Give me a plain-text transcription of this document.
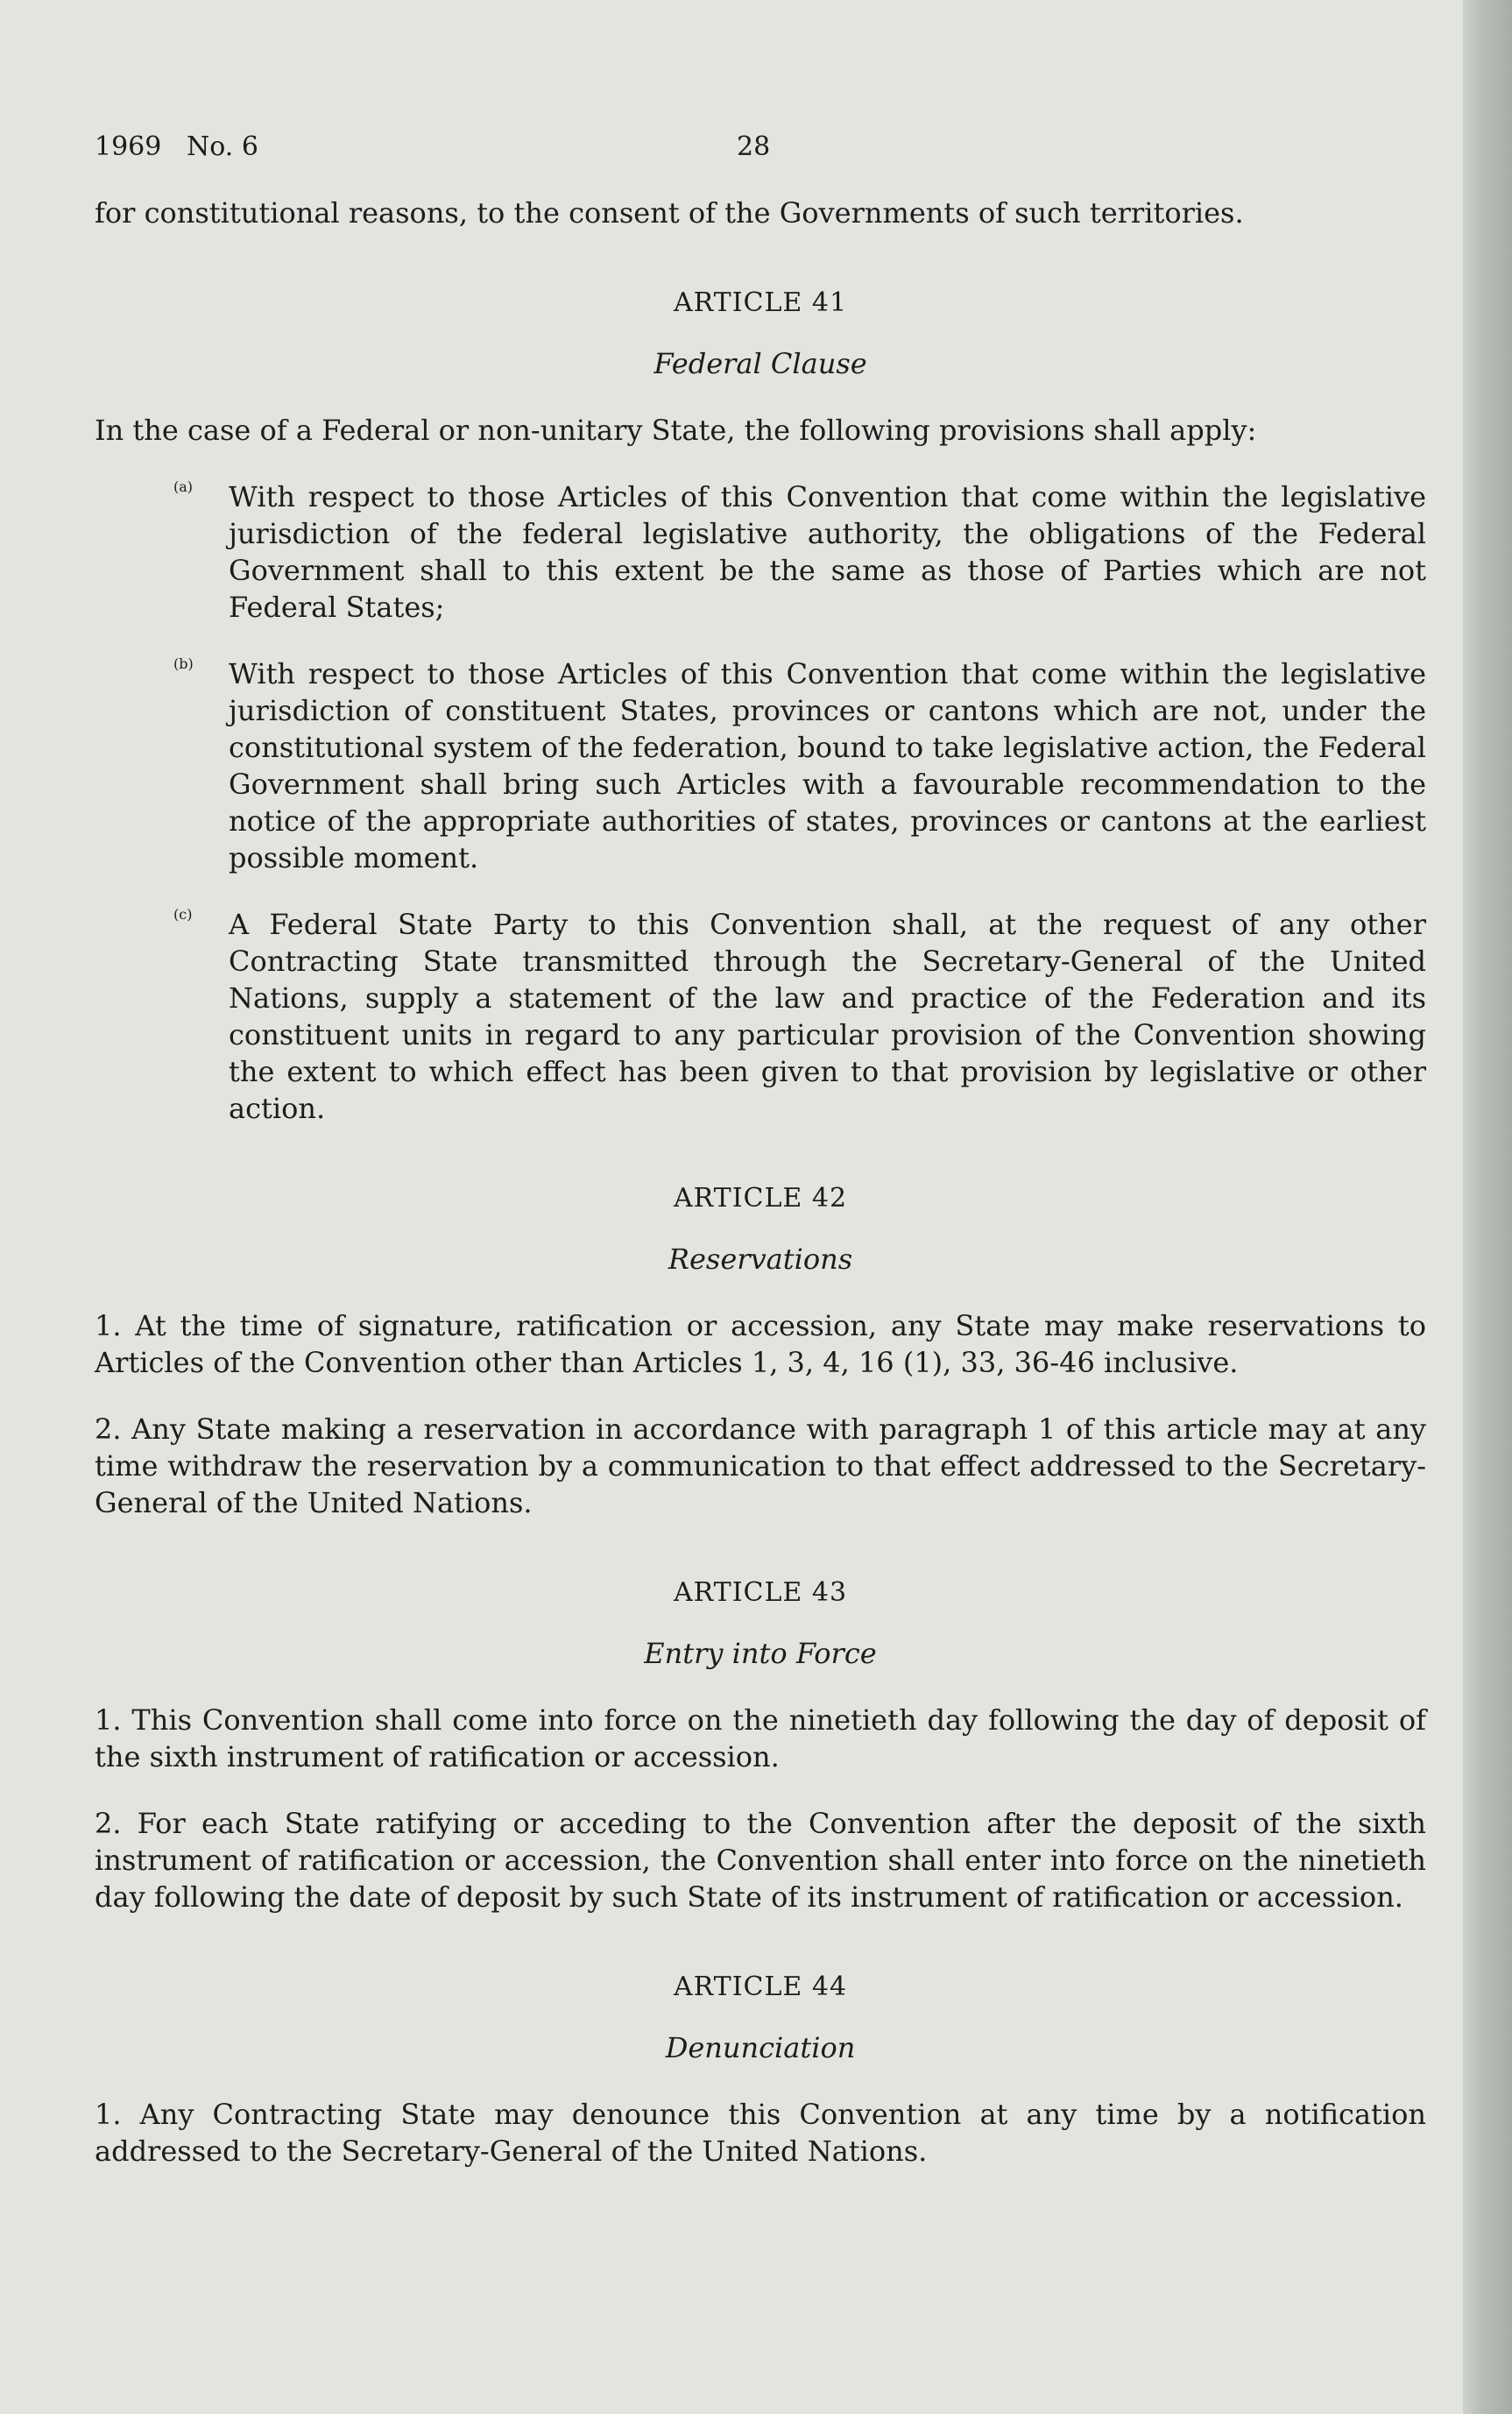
1969   No. 6	28

for constitutional reasons, to the consent of the Governments of such territories.

ARTICLE 41
Federal Clause

In the case of a Federal or non-unitary State, the following provisions shall apply:

(a) With respect to those Articles of this Convention that come within the legislative jurisdiction of the federal legislative authority, the obligations of the Federal Government shall to this extent be the same as those of Parties which are not Federal States;

(b) With respect to those Articles of this Convention that come within the legislative jurisdiction of constituent States, provinces or cantons which are not, under the constitutional system of the federation, bound to take legislative action, the Federal Government shall bring such Articles with a favourable recommendation to the notice of the appropriate authorities of states, provinces or cantons at the earliest possible moment.

(c) A Federal State Party to this Convention shall, at the request of any other Contracting State transmitted through the Secretary-General of the United Nations, supply a statement of the law and practice of the Federation and its constituent units in regard to any particular provision of the Convention showing the extent to which effect has been given to that provision by legislative or other action.

ARTICLE 42
Reservations

1. At the time of signature, ratification or accession, any State may make reservations to Articles of the Convention other than Articles 1, 3, 4, 16 (1), 33, 36-46 inclusive.

2. Any State making a reservation in accordance with paragraph 1 of this article may at any time withdraw the reservation by a communication to that effect addressed to the Secretary-General of the United Nations.

ARTICLE 43
Entry into Force

1. This Convention shall come into force on the ninetieth day following the day of deposit of the sixth instrument of ratification or accession.

2. For each State ratifying or acceding to the Convention after the deposit of the sixth instrument of ratification or accession, the Convention shall enter into force on the ninetieth day following the date of deposit by such State of its instrument of ratification or accession.

ARTICLE 44
Denunciation

1. Any Contracting State may denounce this Convention at any time by a notification addressed to the Secretary-General of the United Nations.
